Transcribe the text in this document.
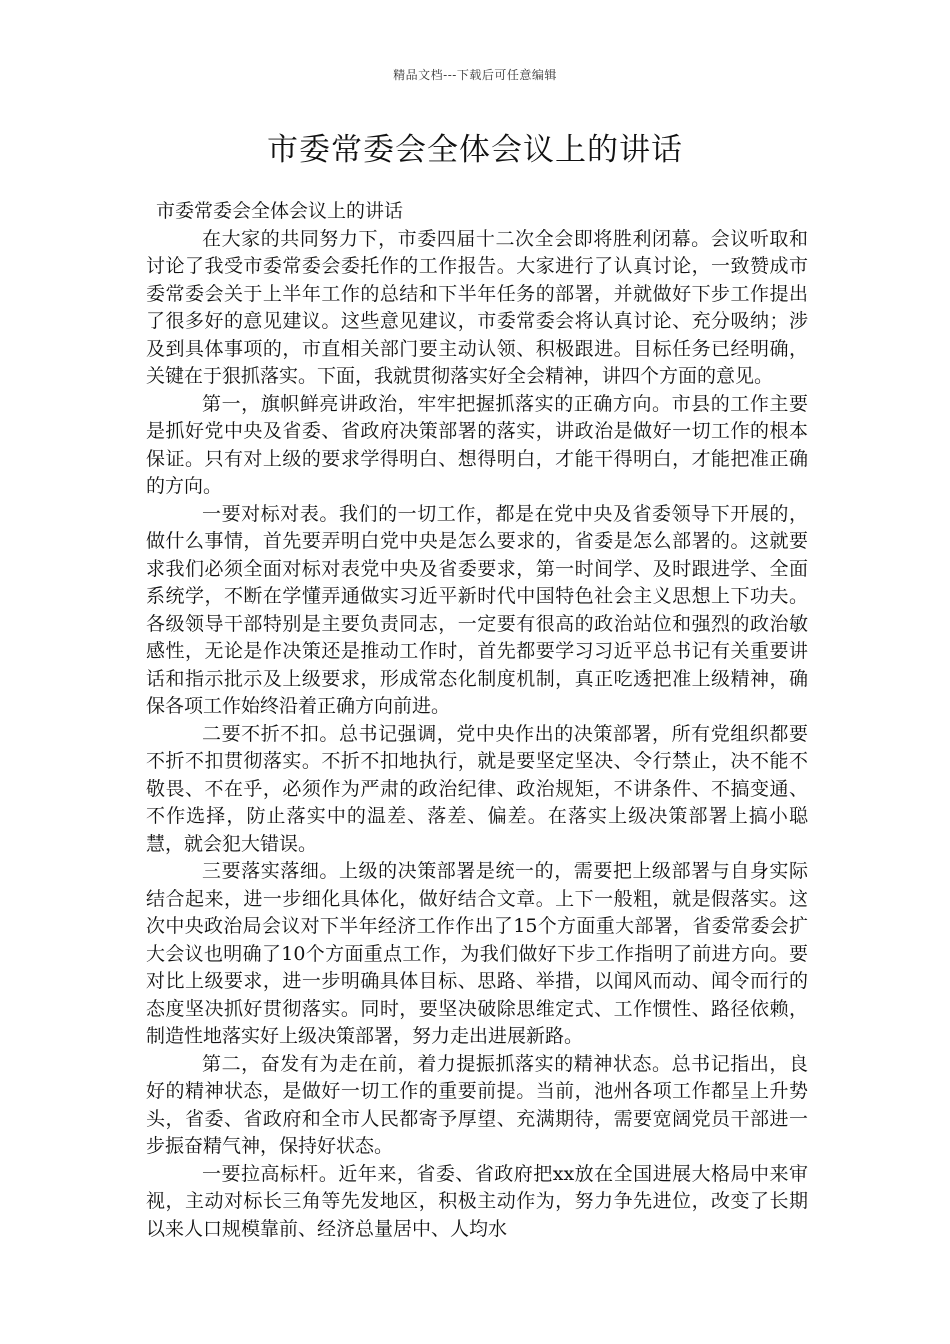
精品文档---下载后可任意编辑
市委常委会全体会议上的讲话

市委常委会全体会议上的讲话

在大家的共同努力下，市委四届十二次全会即将胜利闭幕。会议听取和讨论了我受市委常委会委托作的工作报告。大家进行了认真讨论，一致赞成市委常委会关于上半年工作的总结和下半年任务的部署，并就做好下步工作提出了很多好的意见建议。这些意见建议，市委常委会将认真讨论、充分吸纳；涉及到具体事项的，市直相关部门要主动认领、积极跟进。目标任务已经明确，关键在于狠抓落实。下面，我就贯彻落实好全会精神，讲四个方面的意见。

第一，旗帜鲜亮讲政治，牢牢把握抓落实的正确方向。市县的工作主要是抓好党中央及省委、省政府决策部署的落实，讲政治是做好一切工作的根本保证。只有对上级的要求学得明白、想得明白，才能干得明白，才能把准正确的方向。

一要对标对表。我们的一切工作，都是在党中央及省委领导下开展的，做什么事情，首先要弄明白党中央是怎么要求的，省委是怎么部署的。这就要求我们必须全面对标对表党中央及省委要求，第一时间学、及时跟进学、全面系统学，不断在学懂弄通做实习近平新时代中国特色社会主义思想上下功夫。各级领导干部特别是主要负责同志，一定要有很高的政治站位和强烈的政治敏感性，无论是作决策还是推动工作时，首先都要学习习近平总书记有关重要讲话和指示批示及上级要求，形成常态化制度机制，真正吃透把准上级精神，确保各项工作始终沿着正确方向前进。

二要不折不扣。总书记强调，党中央作出的决策部署，所有党组织都要不折不扣贯彻落实。不折不扣地执行，就是要坚定坚决、令行禁止，决不能不敬畏、不在乎，必须作为严肃的政治纪律、政治规矩，不讲条件、不搞变通、不作选择，防止落实中的温差、落差、偏差。在落实上级决策部署上搞小聪慧，就会犯大错误。

三要落实落细。上级的决策部署是统一的，需要把上级部署与自身实际结合起来，进一步细化具体化，做好结合文章。上下一般粗，就是假落实。这次中央政治局会议对下半年经济工作作出了15个方面重大部署，省委常委会扩大会议也明确了10个方面重点工作，为我们做好下步工作指明了前进方向。要对比上级要求，进一步明确具体目标、思路、举措，以闻风而动、闻令而行的态度坚决抓好贯彻落实。同时，要坚决破除思维定式、工作惯性、路径依赖，制造性地落实好上级决策部署，努力走出进展新路。

第二，奋发有为走在前，着力提振抓落实的精神状态。总书记指出，良好的精神状态，是做好一切工作的重要前提。当前，池州各项工作都呈上升势头，省委、省政府和全市人民都寄予厚望、充满期待，需要宽阔党员干部进一步振奋精气神，保持好状态。

一要拉高标杆。近年来，省委、省政府把xx放在全国进展大格局中来审视，主动对标长三角等先发地区，积极主动作为，努力争先进位，改变了长期以来人口规模靠前、经济总量居中、人均水
